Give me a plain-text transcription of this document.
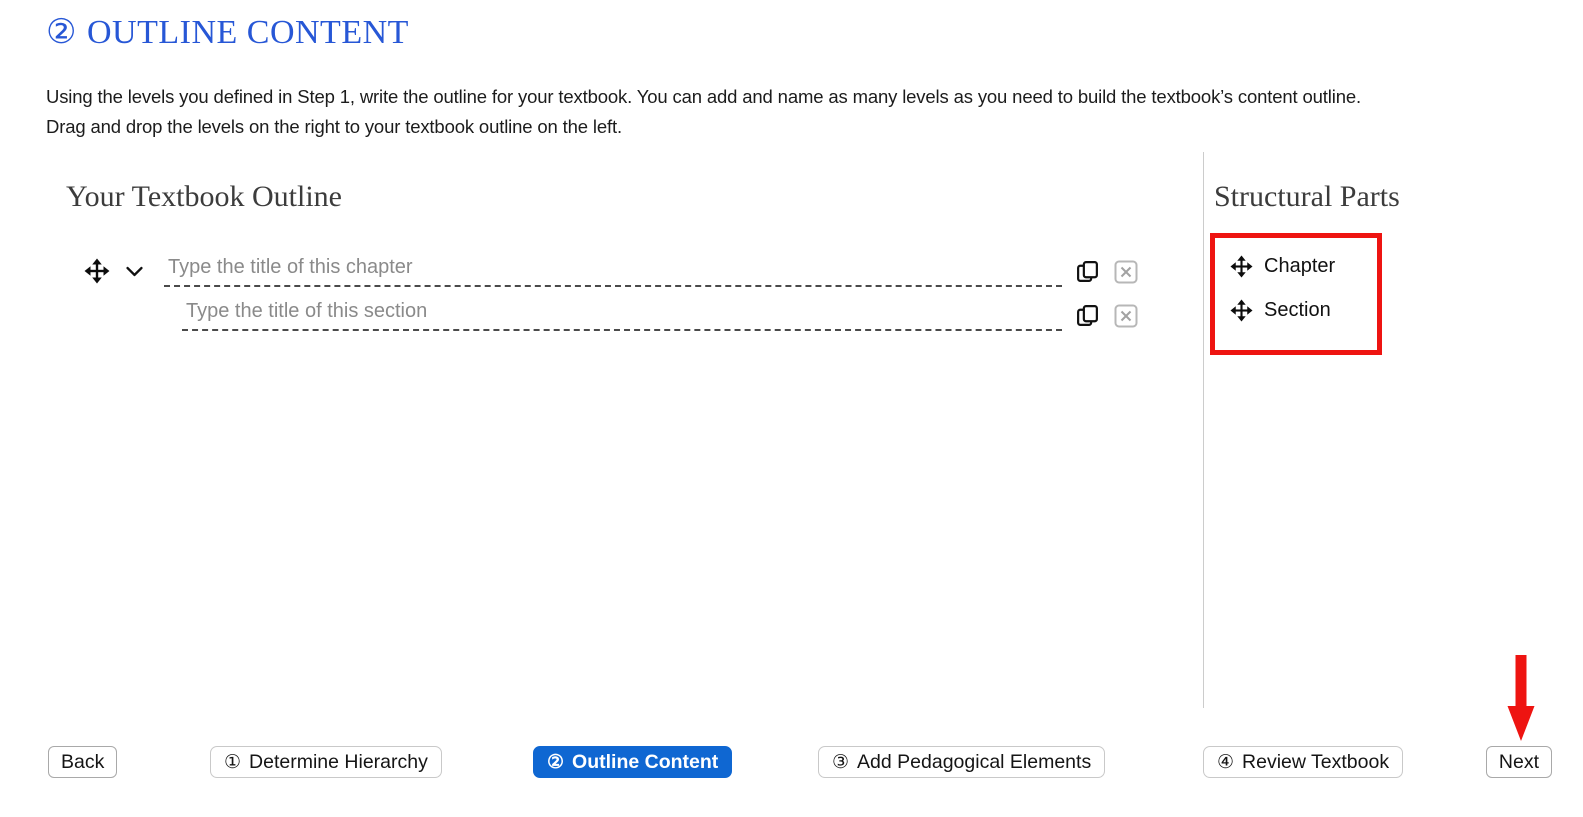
② OUTLINE CONTENT
Using the levels you defined in Step 1, write the outline for your textbook. You can add and name as many levels as you need to build the textbook’s content outline.
Drag and drop the levels on the right to your textbook outline on the left.
Your Textbook Outline
Type the title of this chapter
Type the title of this section	Structural Parts
Chapter
Section
Back	① Determine Hierarchy	② Outline Content	③ Add Pedagogical Elements	④ Review Textbook	Next
